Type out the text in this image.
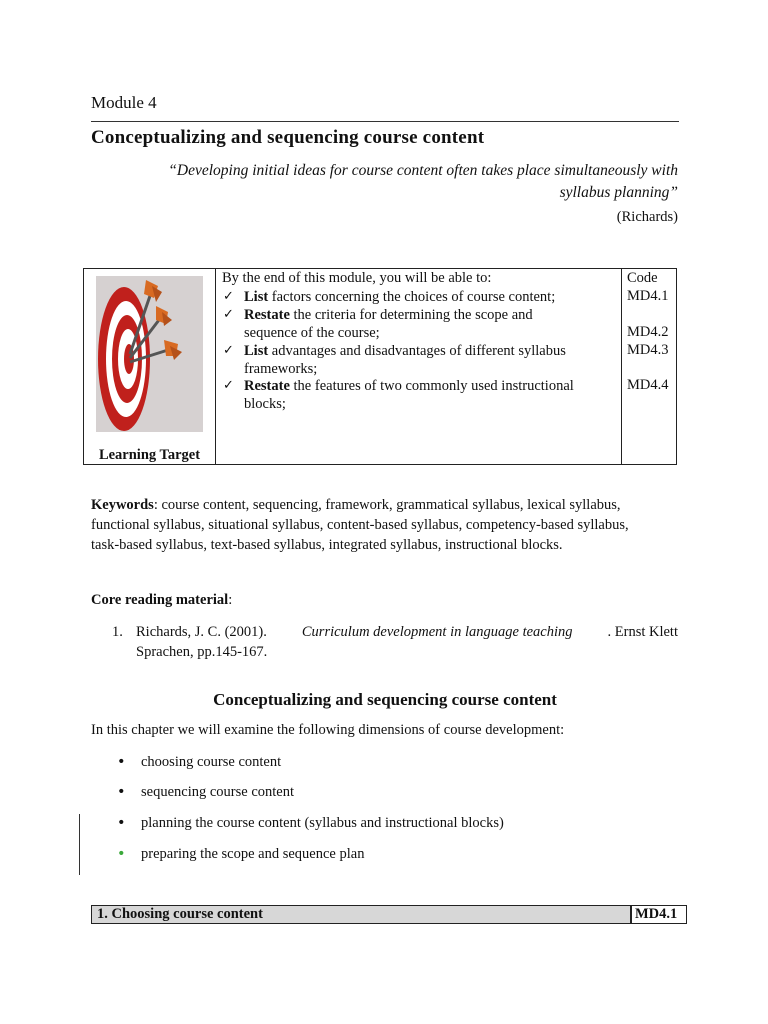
Module 4
Conceptualizing and sequencing course content
“Developing initial ideas for course content often takes place simultaneously with
syllabus planning”
(Richards)
Learning Target
By the end of this module, you will be able to:
✓ List factors concerning the choices of course content;
✓ Restate the criteria for determining the scope and
sequence of the course;
✓ List advantages and disadvantages of different syllabus
frameworks;
✓ Restate the features of two commonly used instructional
blocks;
Code
MD4.1
MD4.2
MD4.3
MD4.4
Keywords: course content, sequencing, framework, grammatical syllabus, lexical syllabus,
functional syllabus, situational syllabus, content-based syllabus, competency-based syllabus,
task-based syllabus, text-based syllabus, integrated syllabus, instructional blocks.
Core reading material:
1. Richards, J. C. (2001). Curriculum development in language teaching . Ernst Klett
Sprachen, pp.145-167.
Conceptualizing and sequencing course content
In this chapter we will examine the following dimensions of course development:
• choosing course content
• sequencing course content
• planning the course content (syllabus and instructional blocks)
• preparing the scope and sequence plan
1. Choosing course content	MD4.1
